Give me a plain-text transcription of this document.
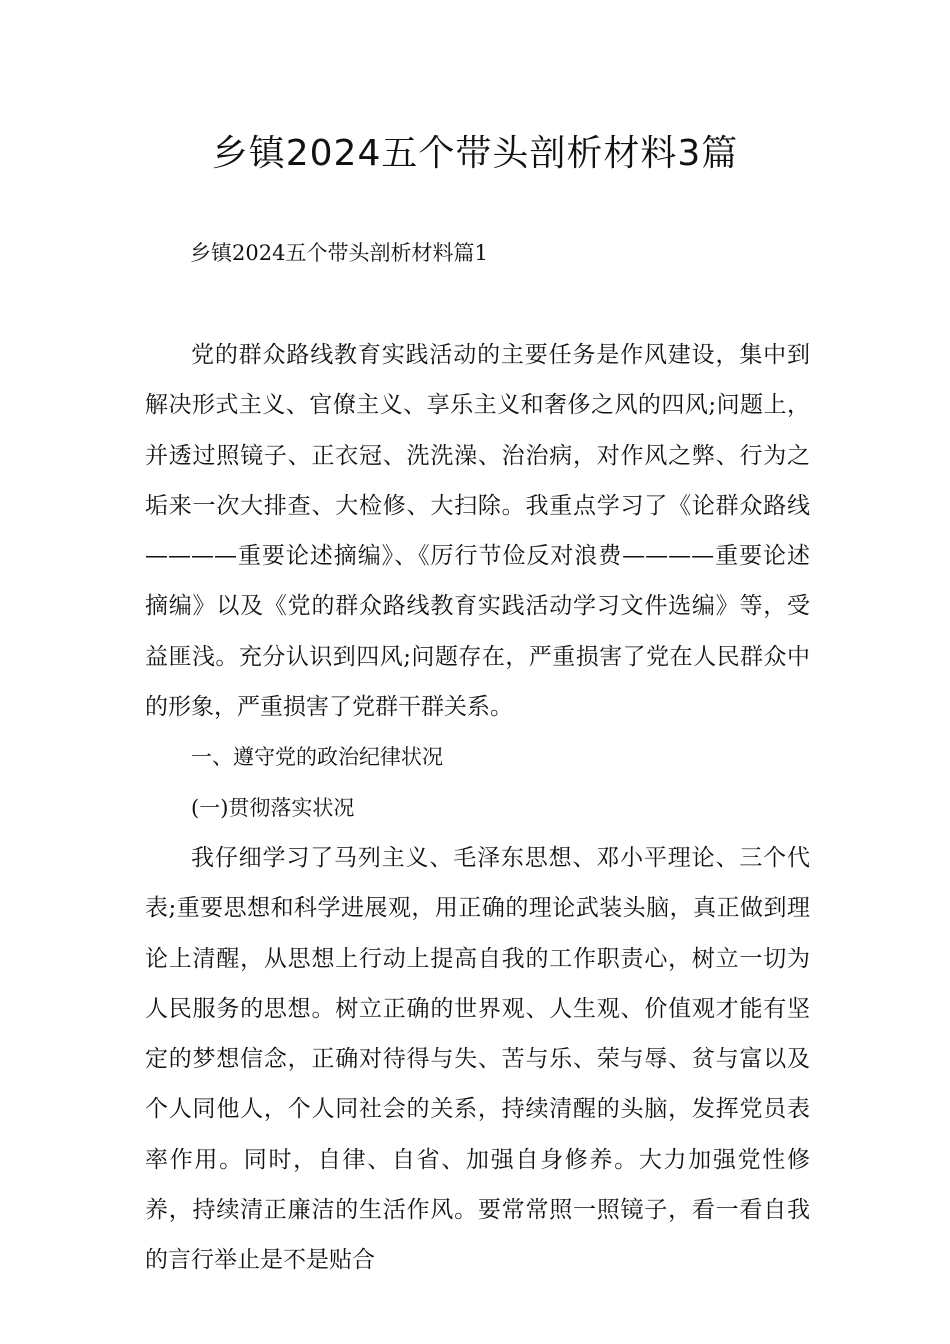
乡镇2024五个带头剖析材料3篇
乡镇2024五个带头剖析材料篇1

党的群众路线教育实践活动的主要任务是作风建设，集中到解决形式主义、官僚主义、享乐主义和奢侈之风的四风;问题上，并透过照镜子、正衣冠、洗洗澡、治治病，对作风之弊、行为之垢来一次大排查、大检修、大扫除。我重点学习了《论群众路线————重要论述摘编》、《厉行节俭反对浪费————重要论述摘编》以及《党的群众路线教育实践活动学习文件选编》等，受益匪浅。充分认识到四风;问题存在，严重损害了党在人民群众中的形象，严重损害了党群干群关系。

一、遵守党的政治纪律状况

(一)贯彻落实状况

我仔细学习了马列主义、毛泽东思想、邓小平理论、三个代表;重要思想和科学进展观，用正确的理论武装头脑，真正做到理论上清醒，从思想上行动上提高自我的工作职责心，树立一切为人民服务的思想。树立正确的世界观、人生观、价值观才能有坚定的梦想信念，正确对待得与失、苦与乐、荣与辱、贫与富以及个人同他人，个人同社会的关系，持续清醒的头脑，发挥党员表率作用。同时，自律、自省、加强自身修养。大力加强党性修养，持续清正廉洁的生活作风。要常常照一照镜子，看一看自我的言行举止是不是贴合
